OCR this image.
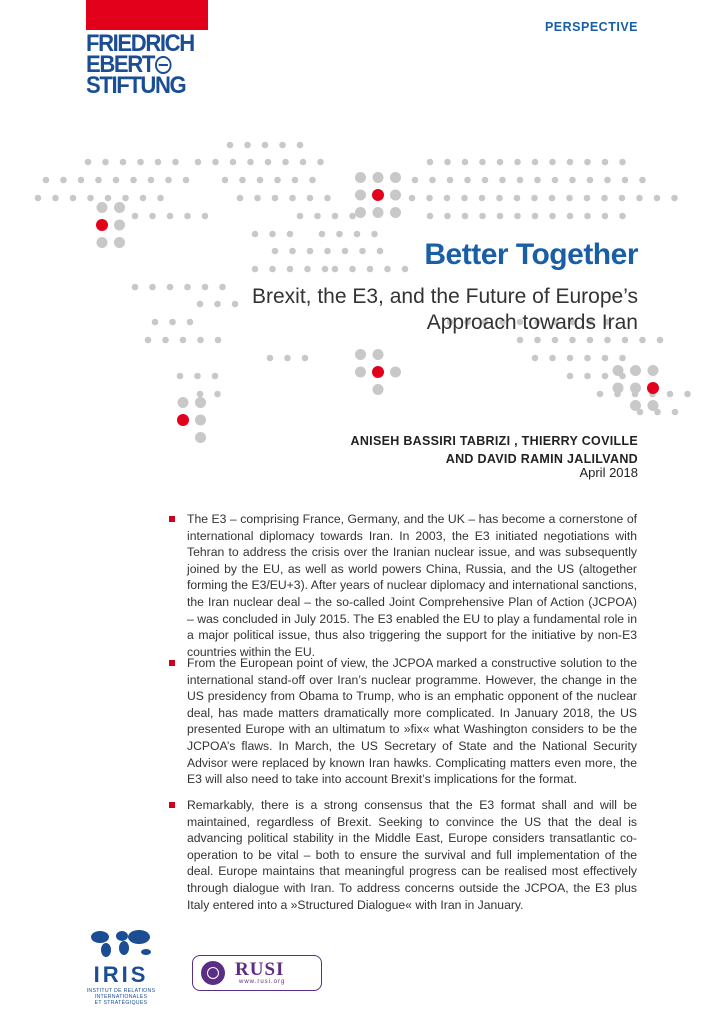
FRIEDRICH
EBERT
STIFTUNG
PERSPECTIVE
Better Together
Brexit, the E3, and the Future of Europe’s Approach towards Iran
ANISEH BASSIRI TABRIZI , THIERRY COVILLE
AND DAVID RAMIN JALILVAND
April 2018
The E3 – comprising France, Germany, and the UK – has become a cornerstone of international diplomacy towards Iran. In 2003, the E3 initiated negotiations with Tehran to address the crisis over the Iranian nuclear issue, and was subsequently joined by the EU, as well as world powers China, Russia, and the US (altogether forming the E3/EU+3). After years of nuclear diplomacy and international sanctions, the Iran nuclear deal – the so-called Joint Comprehensive Plan of Action (JCPOA) – was concluded in July 2015. The E3 enabled the EU to play a fundamental role in a major political issue, thus also triggering the support for the initiative by non-E3 countries within the EU.
From the European point of view, the JCPOA marked a constructive solution to the international stand-off over Iran’s nuclear programme. However, the change in the US presidency from Obama to Trump, who is an emphatic opponent of the nuclear deal, has made matters dramatically more complicated. In January 2018, the US presented Europe with an ultimatum to »fix« what Washington considers to be the JCPOA’s flaws. In March, the US Secretary of State and the National Security Advisor were replaced by known Iran hawks. Complicating matters even more, the E3 will also need to take into account Brexit’s implications for the format.
Remarkably, there is a strong consensus that the E3 format shall and will be maintained, regardless of Brexit. Seeking to convince the US that the deal is advancing political stability in the Middle East, Europe considers transatlantic co-operation to be vital – both to ensure the survival and full implementation of the deal. Europe maintains that meaningful progress can be realised most effectively through dialogue with Iran. To address concerns outside the JCPOA, the E3 plus Italy entered into a »Structured Dialogue« with Iran in January.
IRIS
INSTITUT DE RELATIONS
INTERNATIONALES
ET STRATÉGIQUES
RUSI
www.rusi.org
